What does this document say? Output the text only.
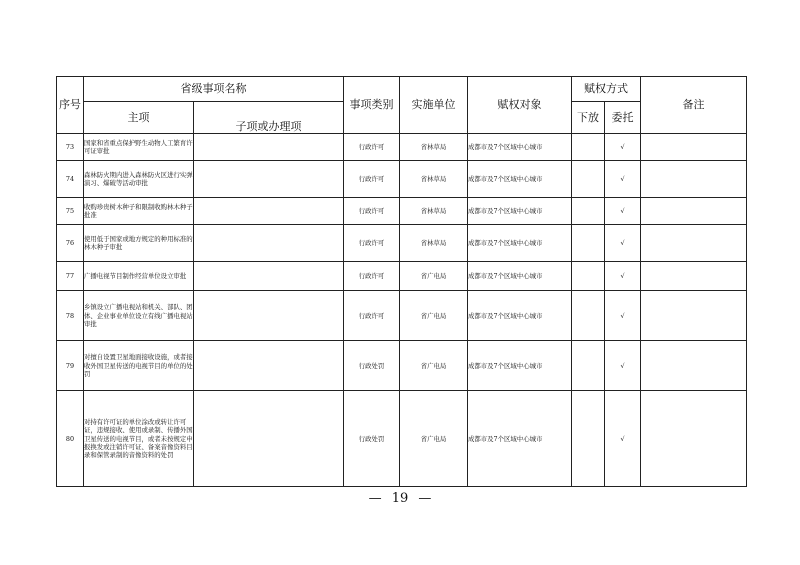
序号	省级事项名称		事项类别	实施单位	赋权对象	赋权方式		备注
	主项					下放	委托	
		子项或办理项						
73	国家和省重点保护野生动物人工繁育许可证审批		行政许可	省林草局	成都市及7个区域中心城市		√	
74	森林防火期内进入森林防火区进行实弹演习、爆破等活动审批		行政许可	省林草局	成都市及7个区域中心城市		√	
75	收购珍贵树木种子和限制收购林木种子批准		行政许可	省林草局	成都市及7个区域中心城市		√	
76	使用低于国家或地方规定的种用标准的林木种子审批		行政许可	省林草局	成都市及7个区域中心城市		√	
77	广播电视节目制作经营单位设立审批		行政许可	省广电局	成都市及7个区域中心城市		√	
78	乡镇设立广播电视站和机关、部队、团体、企业事业单位设立有线广播电视站审批		行政许可	省广电局	成都市及7个区域中心城市		√	
79	对擅自设置卫星地面接收设施，或者接收外国卫星传送的电视节目的单位的处罚		行政处罚	省广电局	成都市及7个区域中心城市		√	
80	对持有许可证的单位涂改或转让许可证，违规接收、使用或录制、传播外国卫星传送的电视节目，或者未按规定申报换发或注销许可证、备案音像资料目录和保管录制的音像资料的处罚		行政处罚	省广电局	成都市及7个区域中心城市		√	
— 19 —
